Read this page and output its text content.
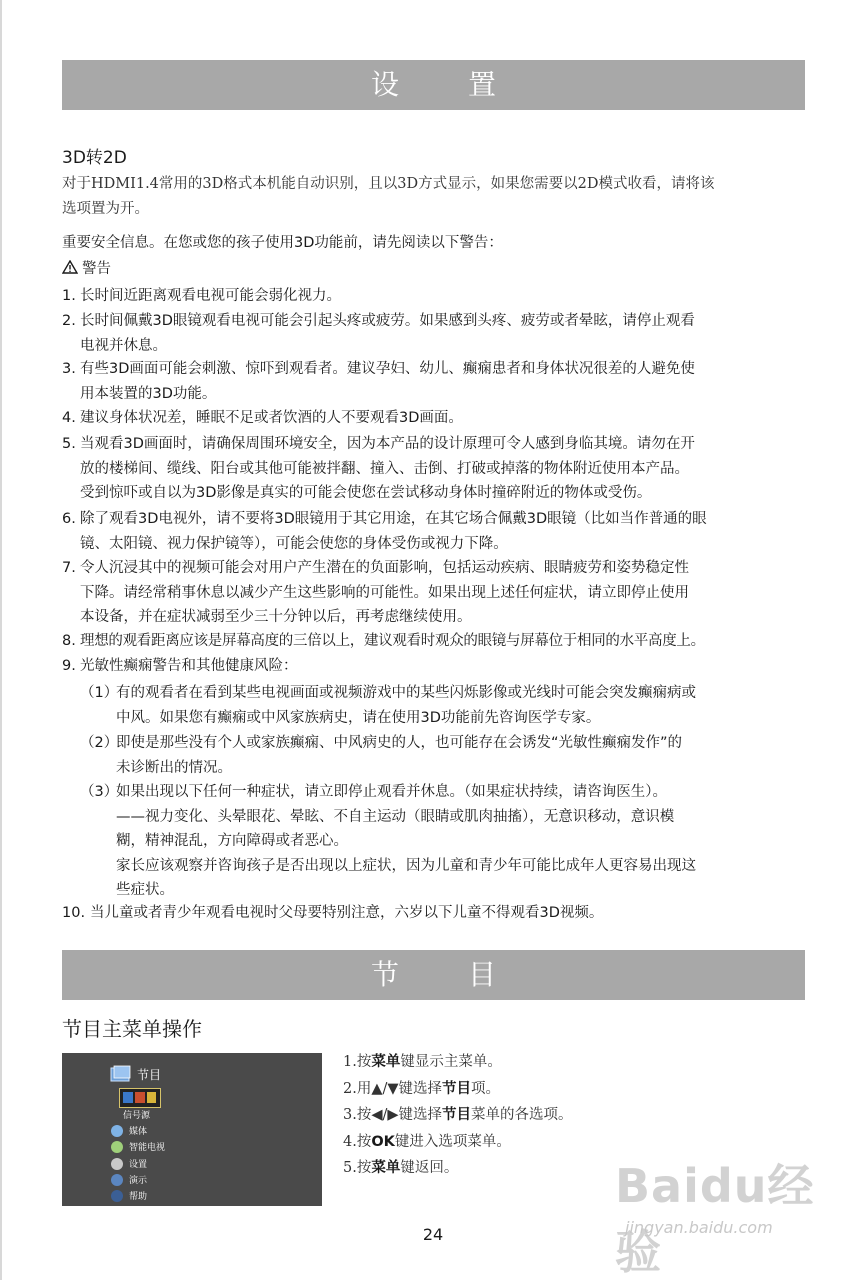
设 置
3D转2D
对于HDMI1.4常用的3D格式本机能自动识别，且以3D方式显示，如果您需要以2D模式收看，请将该
选项置为开。
重要安全信息。在您或您的孩子使用3D功能前，请先阅读以下警告：
警告
1. 长时间近距离观看电视可能会弱化视力。
2. 长时间佩戴3D眼镜观看电视可能会引起头疼或疲劳。如果感到头疼、疲劳或者晕眩，请停止观看
电视并休息。
3. 有些3D画面可能会刺激、惊吓到观看者。建议孕妇、幼儿、癫痫患者和身体状况很差的人避免使
用本装置的3D功能。
4. 建议身体状况差，睡眠不足或者饮酒的人不要观看3D画面。
5. 当观看3D画面时，请确保周围环境安全，因为本产品的设计原理可令人感到身临其境。请勿在开
放的楼梯间、缆线、阳台或其他可能被拌翻、撞入、击倒、打破或掉落的物体附近使用本产品。
受到惊吓或自以为3D影像是真实的可能会使您在尝试移动身体时撞碎附近的物体或受伤。
6. 除了观看3D电视外，请不要将3D眼镜用于其它用途，在其它场合佩戴3D眼镜（比如当作普通的眼
镜、太阳镜、视力保护镜等），可能会使您的身体受伤或视力下降。
7. 令人沉浸其中的视频可能会对用户产生潜在的负面影响，包括运动疾病、眼睛疲劳和姿势稳定性
下降。请经常稍事休息以减少产生这些影响的可能性。如果出现上述任何症状，请立即停止使用
本设备，并在症状减弱至少三十分钟以后，再考虑继续使用。
8. 理想的观看距离应该是屏幕高度的三倍以上，建议观看时观众的眼镜与屏幕位于相同的水平高度上。
9. 光敏性癫痫警告和其他健康风险：
（1）
有的观看者在看到某些电视画面或视频游戏中的某些闪烁影像或光线时可能会突发癫痫病或
中风。如果您有癫痫或中风家族病史，请在使用3D功能前先咨询医学专家。
（2）
即使是那些没有个人或家族癫痫、中风病史的人，也可能存在会诱发“光敏性癫痫发作”的
未诊断出的情况。
（3）
如果出现以下任何一种症状，请立即停止观看并休息。（如果症状持续，请咨询医生）。
——视力变化、头晕眼花、晕眩、不自主运动（眼睛或肌肉抽搐），无意识移动，意识模
糊，精神混乱，方向障碍或者恶心。
家长应该观察并咨询孩子是否出现以上症状，因为儿童和青少年可能比成年人更容易出现这
些症状。
10. 当儿童或者青少年观看电视时父母要特别注意，六岁以下儿童不得观看3D视频。
节 目
节目主菜单操作
节目
信号源
媒体
智能电视
设置
演示
帮助
1.按菜单键显示主菜单。
2.用▲/▼键选择节目项。
3.按◀/▶键选择节目菜单的各选项。
4.按OK键进入选项菜单。
5.按菜单键返回。	Baidu经验
jingyan.baidu.com
24
